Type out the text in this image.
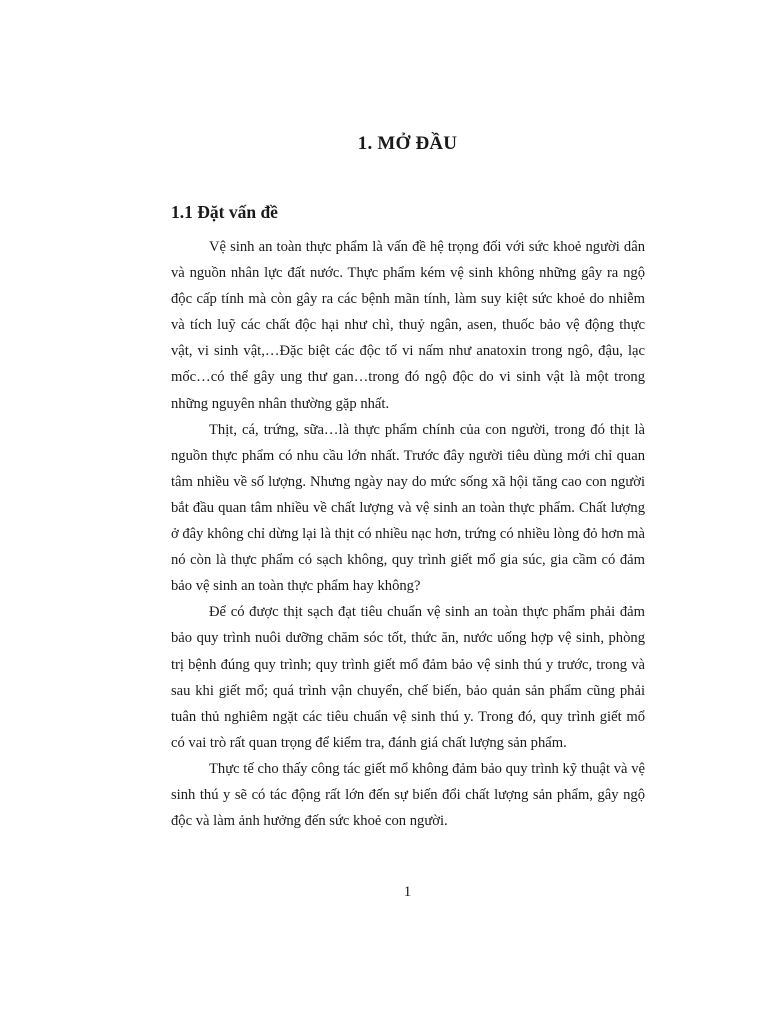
1. MỞ ĐẦU
1.1 Đặt vấn đề

Vệ sinh an toàn thực phẩm là vấn đề hệ trọng đối với sức khoẻ người dân và nguồn nhân lực đất nước. Thực phẩm kém vệ sinh không những gây ra ngộ độc cấp tính mà còn gây ra các bệnh mãn tính, làm suy kiệt sức khoẻ do nhiễm và tích luỹ các chất độc hại như chì, thuỷ ngân, asen, thuốc bảo vệ động thực vật, vi sinh vật,…Đặc biệt các độc tố vi nấm như anatoxin trong ngô, đậu, lạc mốc…có thể gây ung thư gan…trong đó ngộ độc do vi sinh vật là một trong những nguyên nhân thường gặp nhất.

Thịt, cá, trứng, sữa…là thực phẩm chính của con người, trong đó thịt là nguồn thực phẩm có nhu cầu lớn nhất. Trước đây người tiêu dùng mới chỉ quan tâm nhiều về số lượng. Nhưng ngày nay do mức sống xã hội tăng cao con người bắt đầu quan tâm nhiều về chất lượng và vệ sinh an toàn thực phẩm. Chất lượng ở đây không chỉ dừng lại là thịt có nhiều nạc hơn, trứng có nhiều lòng đỏ hơn mà nó còn là thực phẩm có sạch không, quy trình giết mổ gia súc, gia cầm có đảm bảo vệ sinh an toàn thực phẩm hay không?

Để có được thịt sạch đạt tiêu chuẩn vệ sinh an toàn thực phẩm phải đảm bảo quy trình nuôi dưỡng chăm sóc tốt, thức ăn, nước uống hợp vệ sinh, phòng trị bệnh đúng quy trình; quy trình giết mổ đảm bảo vệ sinh thú y trước, trong và sau khi giết mổ; quá trình vận chuyển, chế biến, bảo quản sản phẩm cũng phải tuân thủ nghiêm ngặt các tiêu chuẩn vệ sinh thú y. Trong đó, quy trình giết mổ có vai trò rất quan trọng để kiểm tra, đánh giá chất lượng sản phẩm.

Thực tế cho thấy công tác giết mổ không đảm bảo quy trình kỹ thuật và vệ sinh thú y sẽ có tác động rất lớn đến sự biến đổi chất lượng sản phẩm, gây ngộ độc và làm ảnh hưởng đến sức khoẻ con người.

1
